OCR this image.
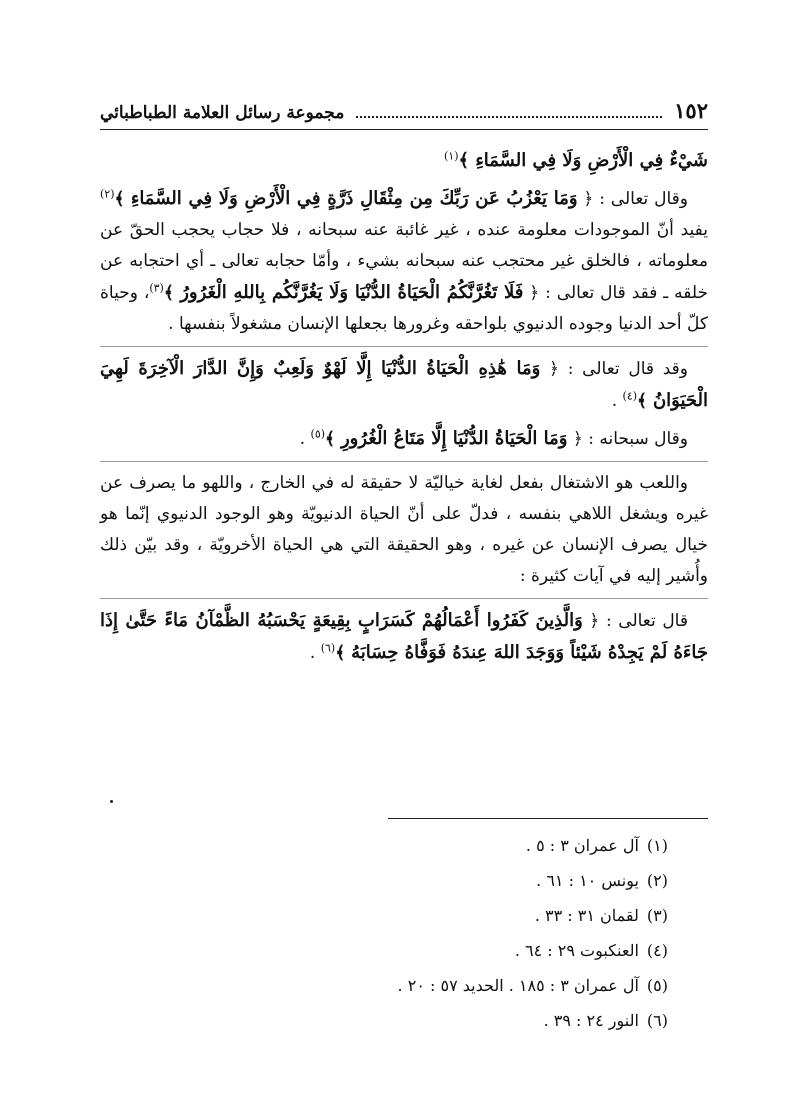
١٥٢
مجموعة رسائل العلامة الطباطبائي

شَيْءٌ فِي الْأَرْضِ وَلَا فِي السَّمَاءِ ﴾$^{(١)}$

وقال تعالى : ﴿ وَمَا يَعْزُبُ عَن رَبِّكَ مِن مِثْقَالِ ذَرَّةٍ فِي الْأَرْضِ وَلَا فِي السَّمَاءِ ﴾$^{(٢)}$ يفيد أنّ الموجودات معلومة عنده ، غير غائبة عنه سبحانه ، فلا حجاب يحجب الحقّ عن معلوماته ، فالخلق غير محتجب عنه سبحانه بشيء ، وأمّا حجابه تعالى ـ أي احتجابه عن خلقه ـ فقد قال تعالى : ﴿ فَلَا تَغُرَّنَّكُمُ الْحَيَاةُ الدُّنْيَا وَلَا يَغُرَّنَّكُم بِاللهِ الْغَرُورُ ﴾$^{(٣)}$، وحياة كلّ أحد الدنيا وجوده الدنيوي بلواحقه وغرورها بجعلها الإنسان مشغولاً بنفسها .

وقد قال تعالى : ﴿ وَمَا هَٰذِهِ الْحَيَاةُ الدُّنْيَا إِلَّا لَهْوٌ وَلَعِبٌ وَإِنَّ الدَّارَ الْآخِرَةَ لَهِيَ الْحَيَوَانُ ﴾$^{(٤)}$ .

وقال سبحانه : ﴿ وَمَا الْحَيَاةُ الدُّنْيَا إِلَّا مَتَاعُ الْغُرُورِ ﴾$^{(٥)}$ .

واللعب هو الاشتغال بفعل لغاية خياليّة لا حقيقة له في الخارج ، واللهو ما يصرف عن غيره ويشغل اللاهي بنفسه ، فدلّ على أنّ الحياة الدنيويّة وهو الوجود الدنيوي إنّما هو خيال يصرف الإنسان عن غيره ، وهو الحقيقة التي هي الحياة الأخرويّة ، وقد بيّن ذلك وأُشير إليه في آيات كثيرة :

قال تعالى : ﴿ وَالَّذِينَ كَفَرُوا أَعْمَالُهُمْ كَسَرَابٍ بِقِيعَةٍ يَحْسَبُهُ الظَّمْآنُ مَاءً حَتَّىٰ إِذَا جَاءَهُ لَمْ يَجِدْهُ شَيْئاً وَوَجَدَ اللهَ عِندَهُ فَوَفَّاهُ حِسَابَهُ ﴾$^{(٦)}$ .

(١)آل عمران ٣ : ٥ .
(٢)يونس ١٠ : ٦١ .
(٣)لقمان ٣١ : ٣٣ .
(٤)العنكبوت ٢٩ : ٦٤ .
(٥)آل عمران ٣ : ١٨٥ . الحديد ٥٧ : ٢٠ .
(٦)النور ٢٤ : ٣٩ .
